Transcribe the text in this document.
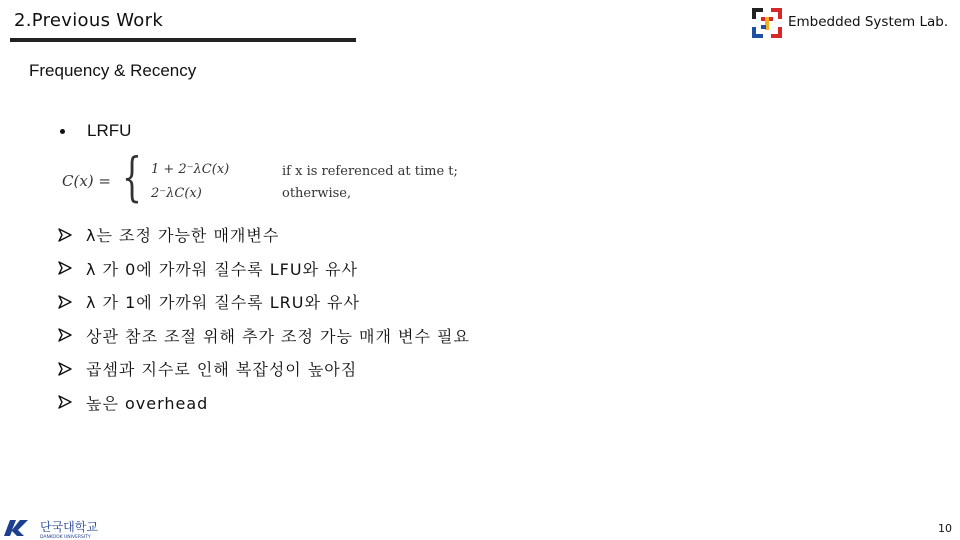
2.Previous Work	Embedded System Lab.
Frequency & Recency
LRFU
C(x) = { 1 + 2⁻λC(x)
2⁻λC(x)
if x is referenced at time t;
otherwise,
λ는 조정 가능한 매개변수
λ 가 0에 가까워 질수록 LFU와 유사
λ 가 1에 가까워 질수록 LRU와 유사
상관 참조 조절 위해 추가 조정 가능 매개 변수 필요
곱셈과 지수로 인해 복잡성이 높아짐
높은 overhead
단국대학교
DANKOOK UNIVERSITY
10
